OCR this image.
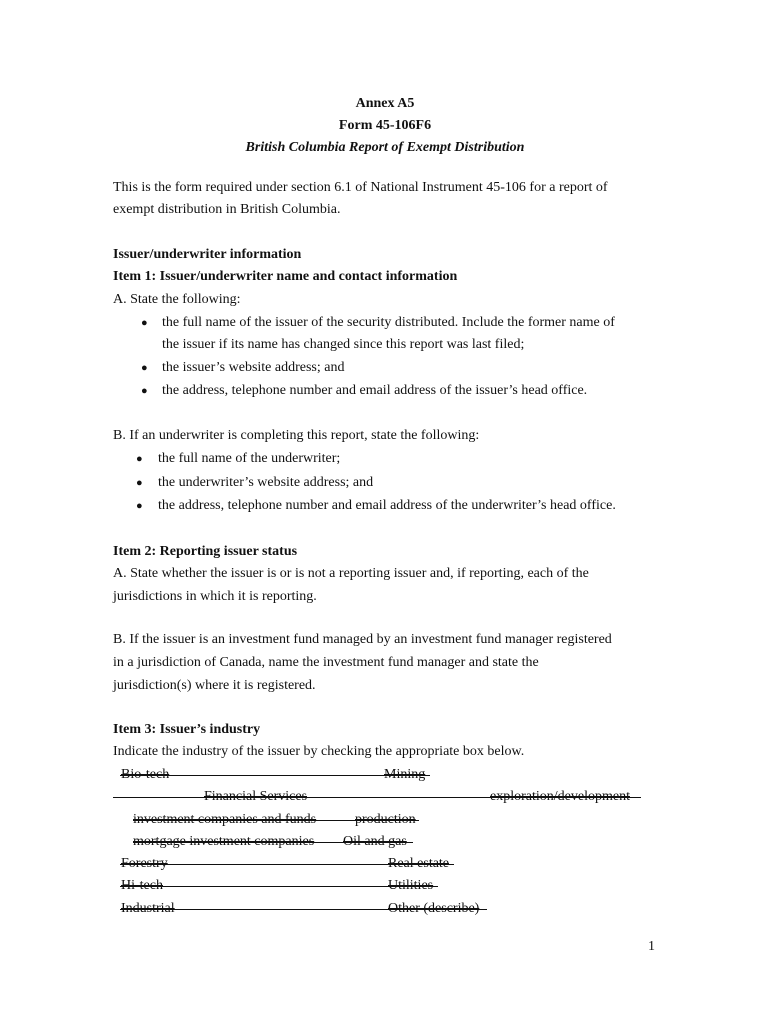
Annex A5
Form 45-106F6
British Columbia Report of Exempt Distribution
This is the form required under section 6.1 of National Instrument 45-106 for a report of
exempt distribution in British Columbia.
Issuer/underwriter information
Item 1: Issuer/underwriter name and contact information
A. State the following:
● the full name of the issuer of the security distributed. Include the former name of
the issuer if its name has changed since this report was last filed;
● the issuer’s website address; and
● the address, telephone number and email address of the issuer’s head office.
B. If an underwriter is completing this report, state the following:
● the full name of the underwriter;
● the underwriter’s website address; and
● the address, telephone number and email address of the underwriter’s head office.
Item 2: Reporting issuer status
A. State whether the issuer is or is not a reporting issuer and, if reporting, each of the
jurisdictions in which it is reporting.
B. If the issuer is an investment fund managed by an investment fund manager registered
in a jurisdiction of Canada, name the investment fund manager and state the
jurisdiction(s) where it is registered.
Item 3: Issuer’s industry
Indicate the industry of the issuer by checking the appropriate box below.
Bio-tech	Mining
Financial Services	exploration/development
investment companies and funds	production
mortgage investment companies Oil and gas
Forestry	Real estate
Hi-tech	Utilities
Industrial	Other (describe)
1
